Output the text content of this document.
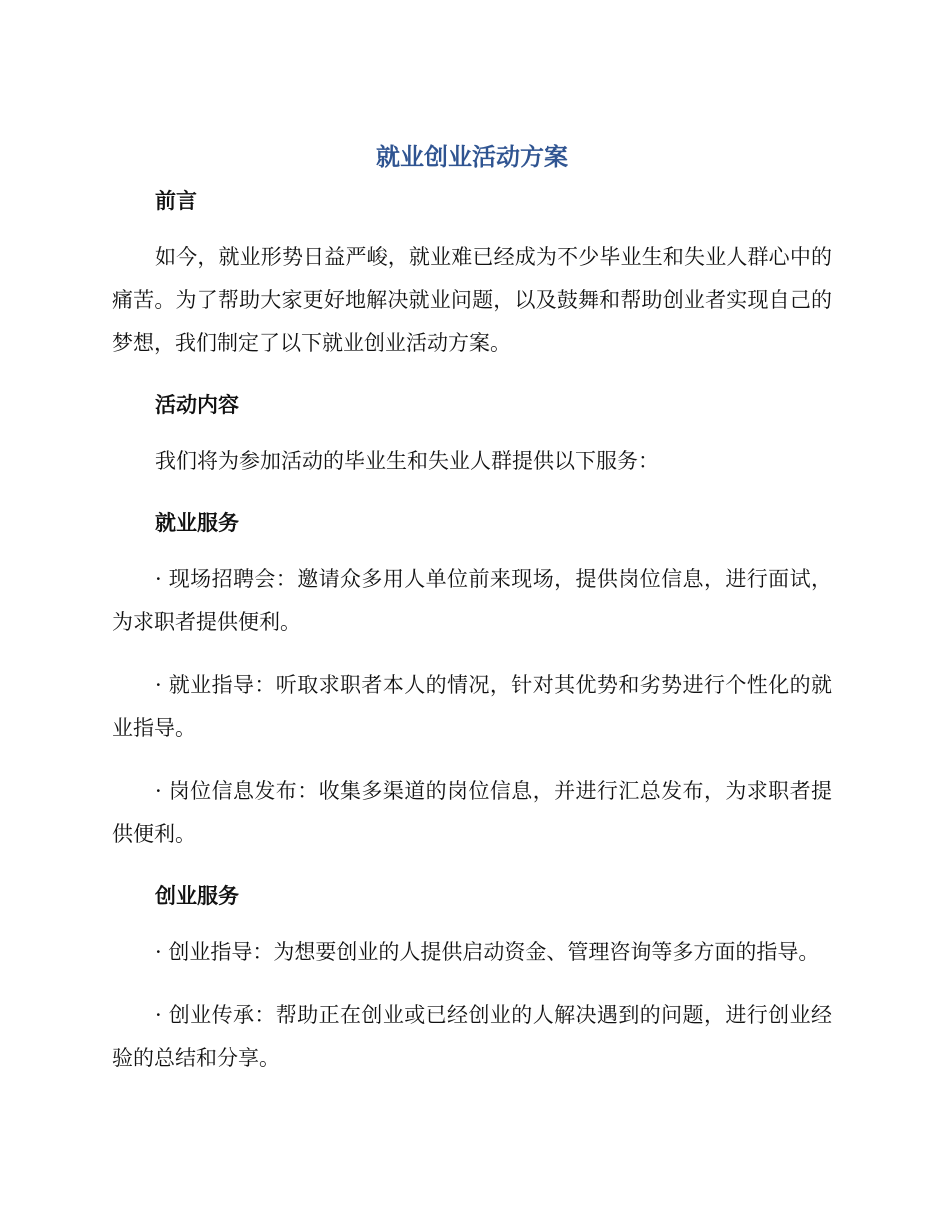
就业创业活动方案
前言

如今，就业形势日益严峻，就业难已经成为不少毕业生和失业人群心中的痛苦。为了帮助大家更好地解决就业问题，以及鼓舞和帮助创业者实现自己的梦想，我们制定了以下就业创业活动方案。

活动内容

我们将为参加活动的毕业生和失业人群提供以下服务：

就业服务

· 现场招聘会：邀请众多用人单位前来现场，提供岗位信息，进行面试，为求职者提供便利。

· 就业指导：听取求职者本人的情况，针对其优势和劣势进行个性化的就业指导。

· 岗位信息发布：收集多渠道的岗位信息，并进行汇总发布，为求职者提供便利。

创业服务

· 创业指导：为想要创业的人提供启动资金、管理咨询等多方面的指导。

· 创业传承：帮助正在创业或已经创业的人解决遇到的问题，进行创业经验的总结和分享。
